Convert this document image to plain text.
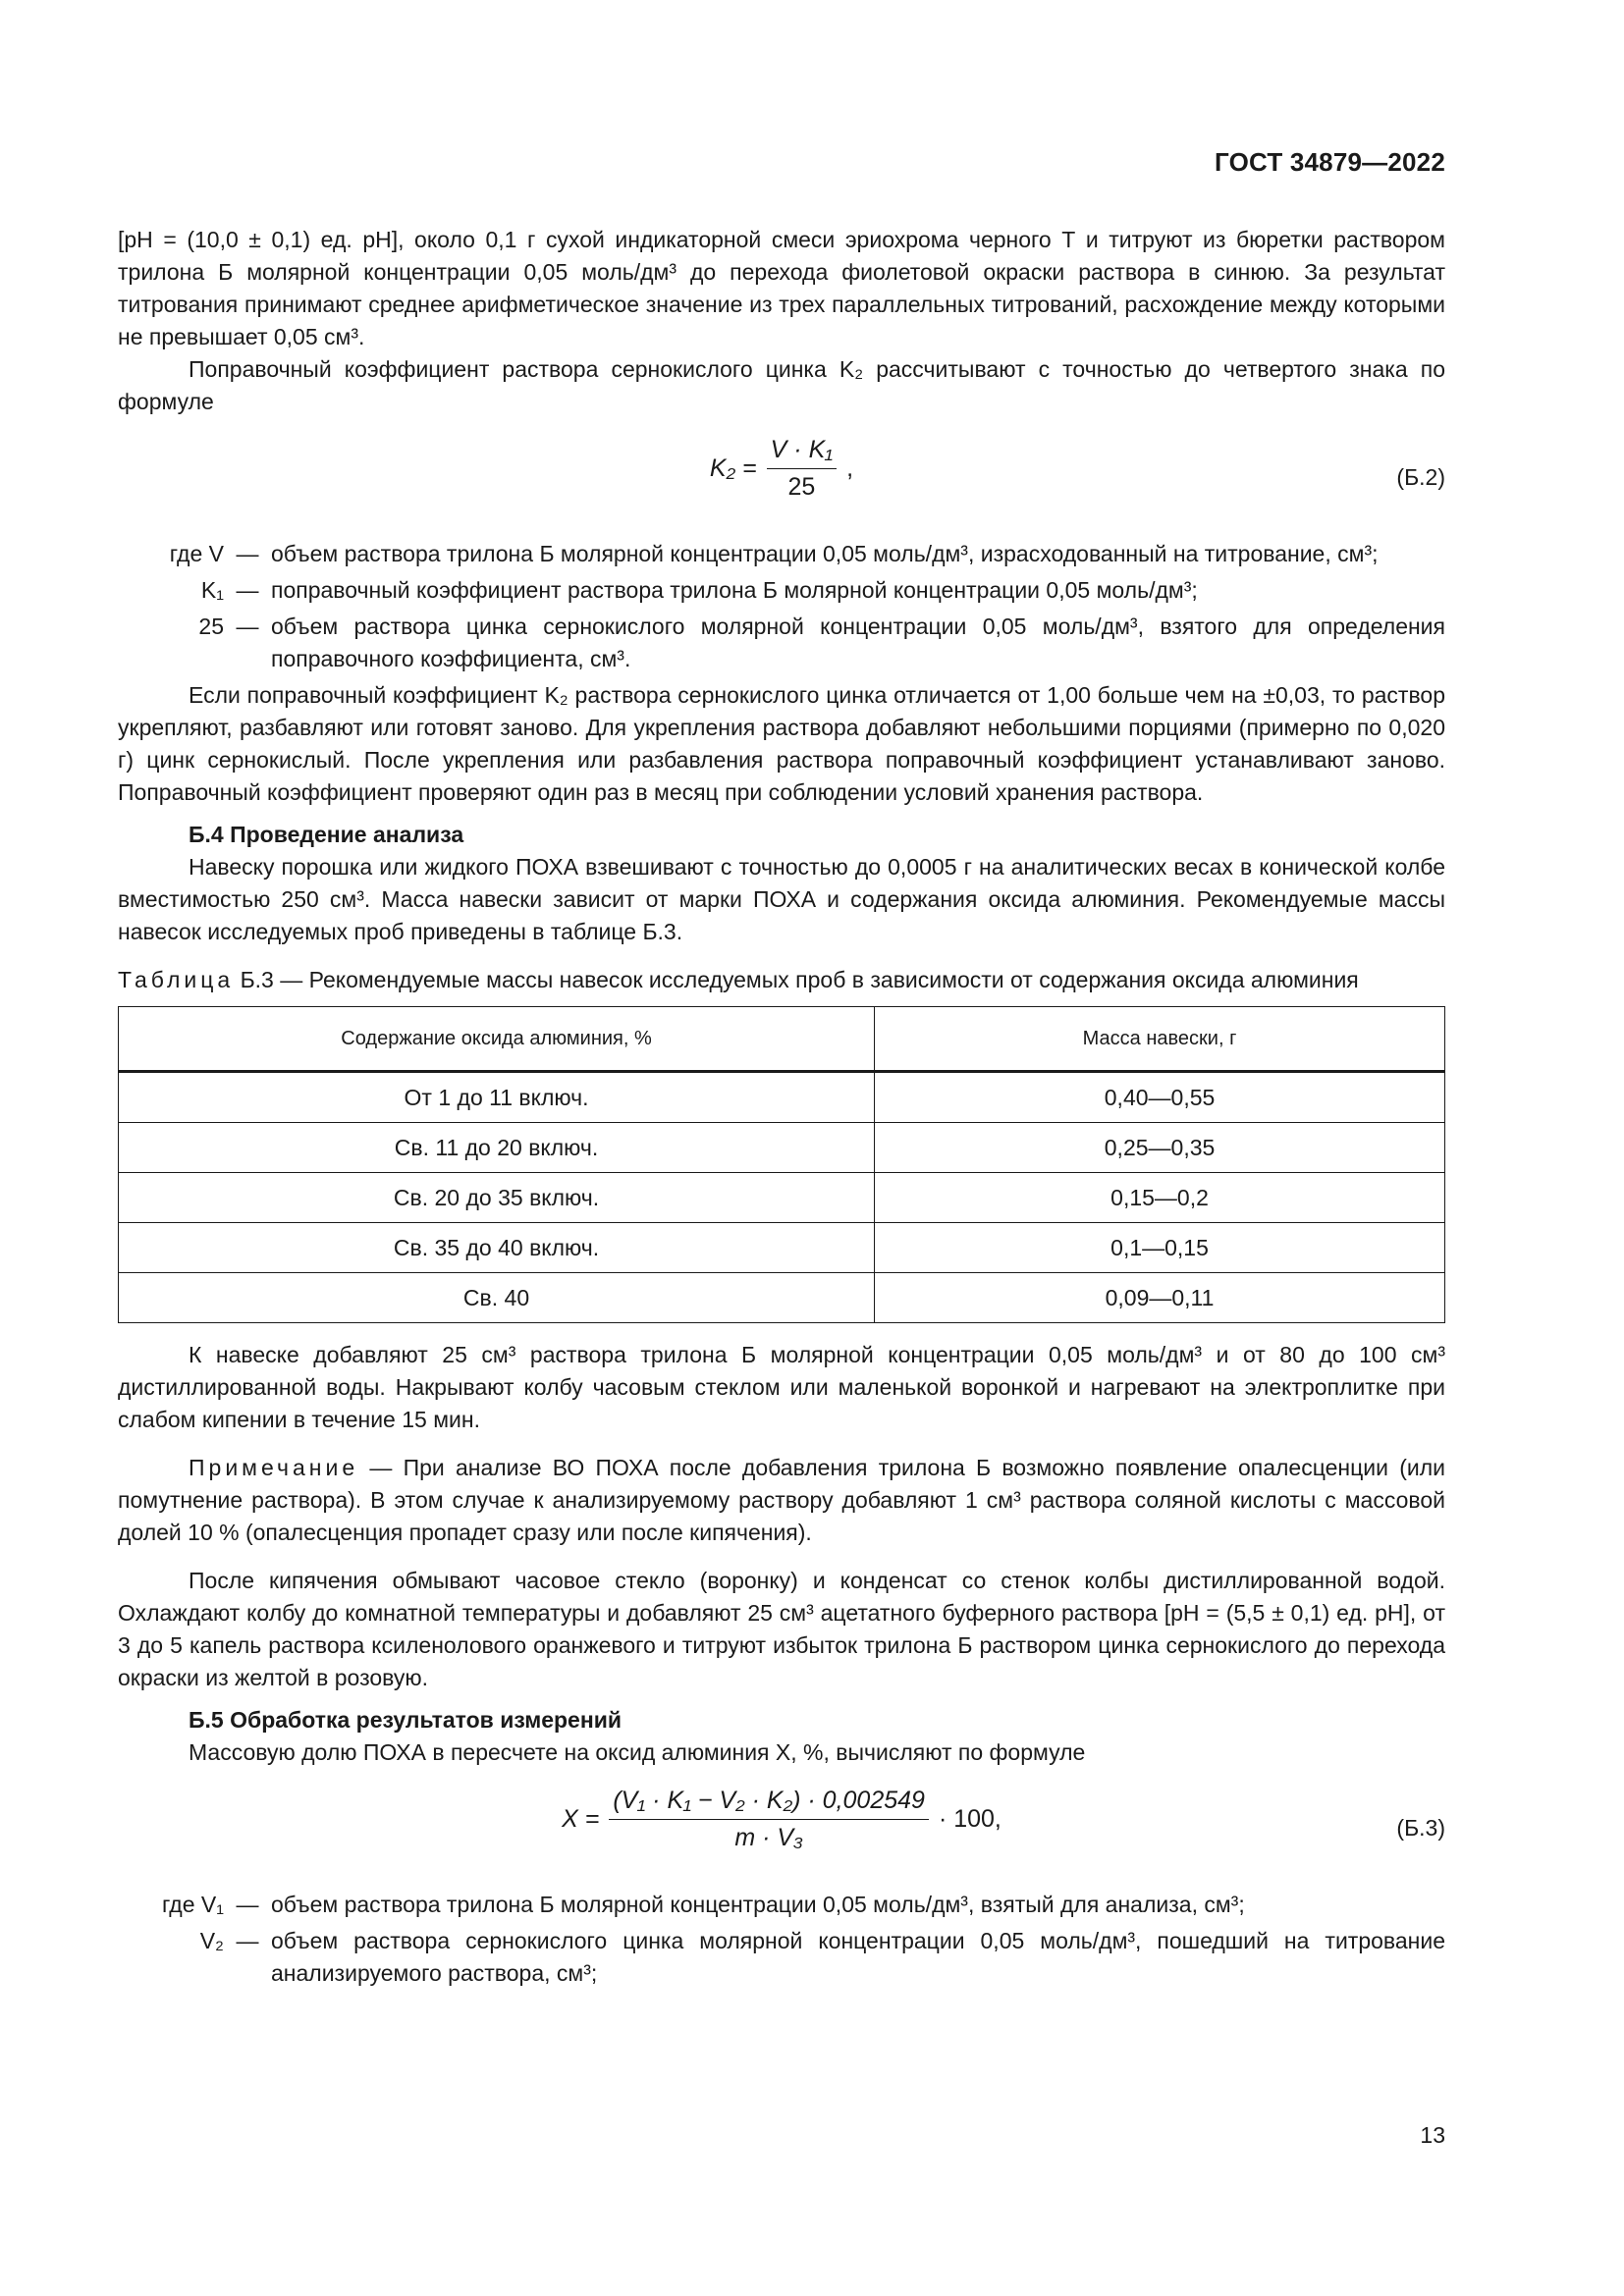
ГОСТ 34879—2022

[pH = (10,0 ± 0,1) ед. pH], около 0,1 г сухой индикаторной смеси эриохрома черного Т и титруют из бюретки раствором трилона Б молярной концентрации 0,05 моль/дм³ до перехода фиолетовой окраски раствора в синюю. За результат титрования принимают среднее арифметическое значение из трех параллельных титрований, расхождение между которыми не превышает 0,05 см³.

Поправочный коэффициент раствора сернокислого цинка K₂ рассчитывают с точностью до четвертого знака по формуле

$K_2 = \frac{\text{V · K₁}}{25}$ ,	(Б.2)
где V — объем раствора трилона Б молярной концентрации 0,05 моль/дм³, израсходованный на титрование, см³;
K₁ — поправочный коэффициент раствора трилона Б молярной концентрации 0,05 моль/дм³;
25 — объем раствора цинка сернокислого молярной концентрации 0,05 моль/дм³, взятого для определения поправочного коэффициента, см³.

Если поправочный коэффициент K₂ раствора сернокислого цинка отличается от 1,00 больше чем на ±0,03, то раствор укрепляют, разбавляют или готовят заново. Для укрепления раствора добавляют небольшими порциями (примерно по 0,020 г) цинк сернокислый. После укрепления или разбавления раствора поправочный коэффициент устанавливают заново. Поправочный коэффициент проверяют один раз в месяц при соблюдении условий хранения раствора.

Б.4 Проведение анализа

Навеску порошка или жидкого ПОХА взвешивают с точностью до 0,0005 г на аналитических весах в конической колбе вместимостью 250 см³. Масса навески зависит от марки ПОХА и содержания оксида алюминия. Рекомендуемые массы навесок исследуемых проб приведены в таблице Б.3.

Таблица Б.3 — Рекомендуемые массы навесок исследуемых проб в зависимости от содержания оксида алюминия

Содержание оксида алюминия, %	Масса навески, г
От 1 до 11 включ.	0,40—0,55
Св. 11 до 20 включ.	0,25—0,35
Св. 20 до 35 включ.	0,15—0,2
Св. 35 до 40 включ.	0,1—0,15
Св. 40	0,09—0,11

К навеске добавляют 25 см³ раствора трилона Б молярной концентрации 0,05 моль/дм³ и от 80 до 100 см³ дистиллированной воды. Накрывают колбу часовым стеклом или маленькой воронкой и нагревают на электроплитке при слабом кипении в течение 15 мин.

Примечание — При анализе ВО ПОХА после добавления трилона Б возможно появление опалесценции (или помутнение раствора). В этом случае к анализируемому раствору добавляют 1 см³ раствора соляной кислоты с массовой долей 10 % (опалесценция пропадет сразу или после кипячения).

После кипячения обмывают часовое стекло (воронку) и конденсат со стенок колбы дистиллированной водой. Охлаждают колбу до комнатной температуры и добавляют 25 см³ ацетатного буферного раствора [pH = (5,5 ± 0,1) ед. pH], от 3 до 5 капель раствора ксиленолового оранжевого и титруют избыток трилона Б раствором цинка сернокислого до перехода окраски из желтой в розовую.

Б.5 Обработка результатов измерений

Массовую долю ПОХА в пересчете на оксид алюминия X, %, вычисляют по формуле

$X = \frac{\text{(V₁ · K₁ − V₂ · K₂) · 0,002549}}{\text{m · V₃}} \cdot 100$,	(Б.3)
где V₁ — объем раствора трилона Б молярной концентрации 0,05 моль/дм³, взятый для анализа, см³;
V₂ — объем раствора сернокислого цинка молярной концентрации 0,05 моль/дм³, пошедший на титрование анализируемого раствора, см³;
13
